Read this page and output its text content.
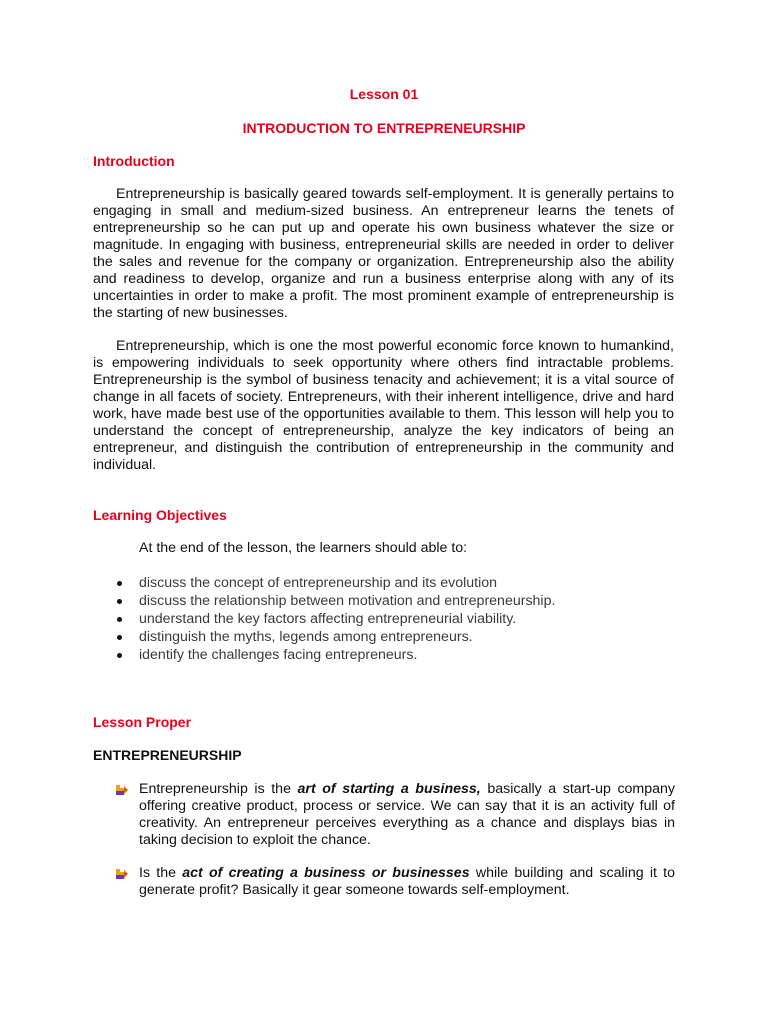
Lesson 01
INTRODUCTION TO ENTREPRENEURSHIP
Introduction

Entrepreneurship is basically geared towards self-employment. It is generally pertains to engaging in small and medium-sized business. An entrepreneur learns the tenets of entrepreneurship so he can put up and operate his own business whatever the size or magnitude. In engaging with business, entrepreneurial skills are needed in order to deliver the sales and revenue for the company or organization. Entrepreneurship also the ability and readiness to develop, organize and run a business enterprise along with any of its uncertainties in order to make a profit. The most prominent example of entrepreneurship is the starting of new businesses.

Entrepreneurship, which is one the most powerful economic force known to humankind, is empowering individuals to seek opportunity where others find intractable problems. Entrepreneurship is the symbol of business tenacity and achievement; it is a vital source of change in all facets of society. Entrepreneurs, with their inherent intelligence, drive and hard work, have made best use of the opportunities available to them. This lesson will help you to understand the concept of entrepreneurship, analyze the key indicators of being an entrepreneur, and distinguish the contribution of entrepreneurship in the community and individual.

Learning Objectives
At the end of the lesson, the learners should able to:
discuss the concept of entrepreneurship and its evolution
discuss the relationship between motivation and entrepreneurship.
understand the key factors affecting entrepreneurial viability.
distinguish the myths, legends among entrepreneurs.
identify the challenges facing entrepreneurs.
Lesson Proper
ENTREPRENEURSHIP
Entrepreneurship is the art of starting a business, basically a start-up company offering creative product, process or service. We can say that it is an activity full of creativity. An entrepreneur perceives everything as a chance and displays bias in taking decision to exploit the chance.
Is the act of creating a business or businesses while building and scaling it to generate profit? Basically it gear someone towards self-employment.
